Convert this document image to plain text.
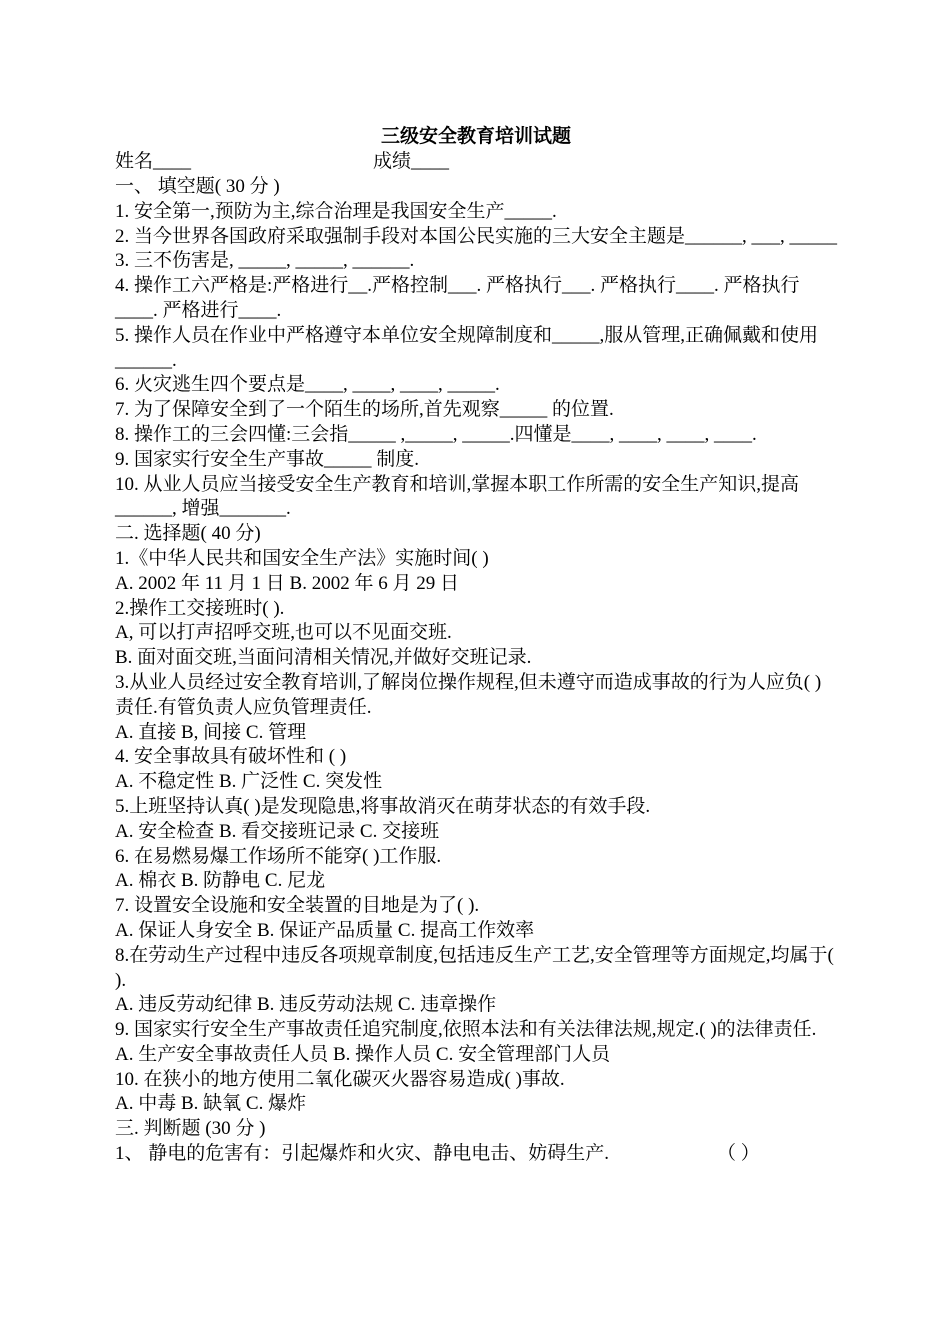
三级安全教育培训试题
姓名____	成绩____
一、 填空题( 30 分 )
1. 安全第一,预防为主,综合治理是我国安全生产_____.
2. 当今世界各国政府采取强制手段对本国公民实施的三大安全主题是______, ___, _____
3. 三不伤害是, _____, _____, ______.
4. 操作工六严格是:严格进行__.严格控制___. 严格执行___. 严格执行____. 严格执行____. 严格进行____.
5. 操作人员在作业中严格遵守本单位安全规障制度和_____,服从管理,正确佩戴和使用______.
6. 火灾逃生四个要点是____, ____, ____, _____.
7. 为了保障安全到了一个陌生的场所,首先观察_____ 的位置.
8. 操作工的三会四懂:三会指_____ ,_____, _____.四懂是____, ____, ____, ____.
9. 国家实行安全生产事故_____ 制度.
10. 从业人员应当接受安全生产教育和培训,掌握本职工作所需的安全生产知识,提高______, 增强_______.
二. 选择题( 40 分)
1.《中华人民共和国安全生产法》实施时间( )
A. 2002 年 11 月 1 日 B. 2002 年 6 月 29 日
2.操作工交接班时( ).
A, 可以打声招呼交班,也可以不见面交班.
B. 面对面交班,当面问清相关情况,并做好交班记录.
3.从业人员经过安全教育培训,了解岗位操作规程,但未遵守而造成事故的行为人应负( )责任.有管负责人应负管理责任.
A. 直接 B, 间接 C. 管理
4. 安全事故具有破坏性和 ( )
A. 不稳定性 B. 广泛性 C. 突发性
5.上班坚持认真( )是发现隐患,将事故消灭在萌芽状态的有效手段.
A. 安全检查 B. 看交接班记录 C. 交接班
6. 在易燃易爆工作场所不能穿( )工作服.
A. 棉衣 B. 防静电 C. 尼龙
7. 设置安全设施和安全装置的目地是为了( ).
A. 保证人身安全 B. 保证产品质量 C. 提高工作效率
8.在劳动生产过程中违反各项规章制度,包括违反生产工艺,安全管理等方面规定,均属于( ).
A. 违反劳动纪律 B. 违反劳动法规 C. 违章操作
9. 国家实行安全生产事故责任追究制度,依照本法和有关法律法规,规定.( )的法律责任.
A. 生产安全事故责任人员 B. 操作人员 C. 安全管理部门人员
10. 在狭小的地方使用二氧化碳灭火器容易造成( )事故.
A. 中毒 B. 缺氧 C. 爆炸
三. 判断题 (30 分 )
1、 静电的危害有：引起爆炸和火灾、静电电击、妨碍生产.	（ ）
